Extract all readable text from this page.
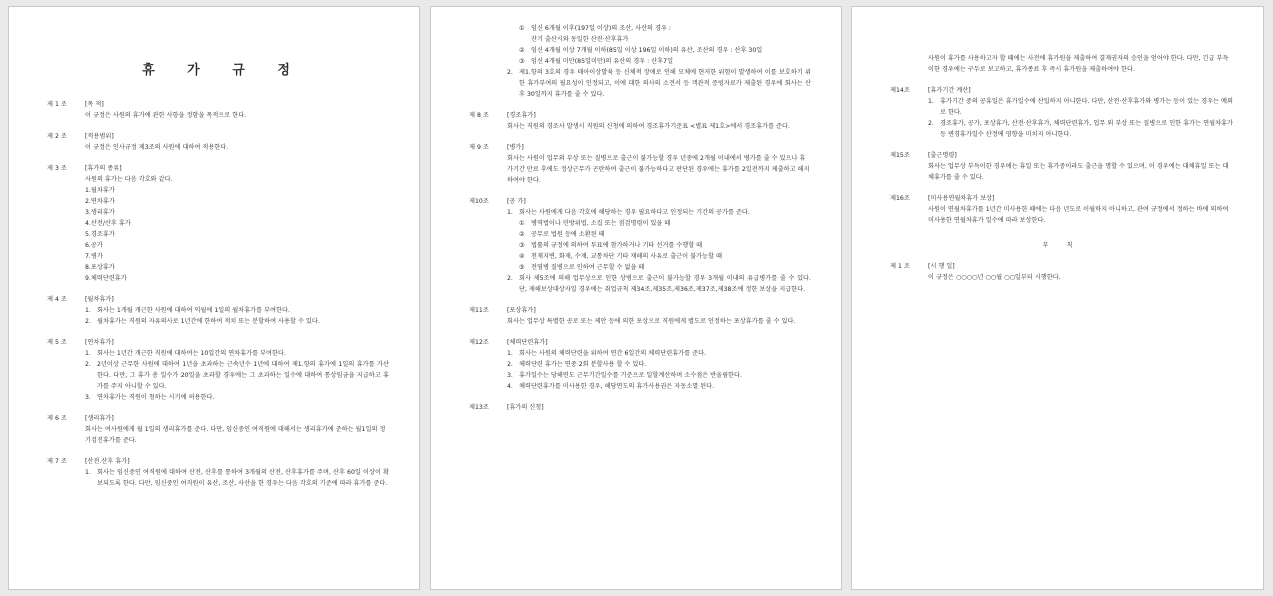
휴 가 규 정
제 1 조	[목 적]
이 규정은 사원의 휴가에 관한 사항을 정함을 목적으로 한다.
제 2 조	[적용범위]
이 규정은 인사규정 제3조의 사원에 대하여 적용한다.
제 3 조	[휴가의 종류]
사원의 휴가는 다음 각호와 같다.
1.월차휴가
2.연차휴가
3.생리휴가
4.산전/산후 휴가
5.경조휴가
6.공가
7.병가
8.포상휴가
9.체력단련휴가
제 4 조	[월차휴가]
1. 회사는 1개월 개근한 사원에 대하여 익월에 1일의 월차휴가를 부여한다.
2. 월차휴가는 직원의 자유의사로 1년간에 한하여 적치 또는 분할하여 사용할 수 있다.
제 5 조	[연차휴가]
1. 회사는 1년간 개근한 직원에 대하여는 10일간의 연차휴가를 부여한다.
2. 2년이상 근무한 사원에 대하여 1년을 초과하는 근속년수 1년에 대하여 제1.항의 휴가에 1일의 휴가를 가산한다. 다만, 그 휴가 총 일수가 20일을 초과할 경우에는 그 초과하는 일수에 대하여 통상임금을 지급하고 휴가를 주지 아니할 수 있다.
3. 연차휴가는 직원이 청하는 시기에 허용한다.
제 6 조	[생리휴가]
회사는 여사원에게 월 1일의 생리휴가를 준다. 다만, 임신중인 여직원에 대해서는 생리휴가에 준하는 월1일의 정기검진휴가를 준다.
제 7 조	[산전.산후 휴가]
1. 회사는 임신중인 여직원에 대하여 산전, 산후를 통하여 3개월의 산전, 산후휴가를 주며, 산후 60일 이상이 확보되도록 한다. 다만, 임신중인 여직원이 유산, 조산, 사산을 한 경우는 다음 각호의 기준에 따라 휴가를 준다.
①	임신 6개월 이후(197일 이상)의 조산, 사산의 경우 :
잔기 출산시와 동일한 산전·산후휴가
②	임신 4개월 이상 7개월 이하(85일 이상 196일 이하)의 유산, 조산의 경우 : 산후 30일
③	임신 4개월 미만(85일미만)의 유산의 경우 : 산후7일
2. 제1.항의 3호의 경우 태아이상발육 등 신체적 장애로 인해 모체에 현저한 위험이 발생하여 이를 보호하기 위한 휴가부여의 필요성이 인정되고, 이에 대한 의사의 소견서 등 객관적 증빙자료가 제출된 경우에 회사는 산후 30일까지 휴가를 줄 수 있다.
제 8 조	[경조휴가]
회사는 직원의 경조사 발생시 직원의 신청에 의하여 경조휴가기준표 <별표 제1호>에서 경조휴가를 준다.
제 9 조	[병가]
회사는 사원이 업무외 부상 또는 질병으로 출근이 불가능할 경우 년중에 2개월 이내에서 병가를 줄 수 있으나 휴가기간 만료 후에도 정상근무가 곤란하여 출근이 불가능하다고 판단된 경우에는 휴가를 2일전까지 제출하고 해지하여야 한다.
제10조	[공 가]
1. 회사는 사원에게 다음 각호에 해당하는 경우 필요하다고 인정되는 기간의 공가를 준다.
①	병역법이나 민방위법, 소집 또는 점검명령이 있을 때
②	공무로 법원 등에 소환된 때
③	법률의 규정에 의하여 투표에 참가하거나 기타 선거를 수행할 때
④	천재지변, 화재, 수재, 교통차단 기타 재해의 사유로 출근이 불가능할 때
⑤	전염병 질병으로 인하여 근무할 수 없을 때
2. 회사 제5조에 의해 업무상으로 인한 상병으로 출근이 불가능할 경우 3개월 이내의 유급병가를 줄 수 있다. 단, 재해보상대상자일 경우에는 취업규칙 제34조,제35조,제36조,제37조,제38조에 정한 보상을 지급한다.
제11조	[포상휴가]
회사는 업무상 특별한 공로 또는 제안 등에 의한 포상으로 직원에게 별도로 인정하는 포상휴가를 줄 수 있다.
제12조	[체력단련휴가]
1. 회사는 사원의 체력단련을 위하여 연간 6일간의 체력단련휴가를 준다.
2. 체력단련 휴가는 연중 2회 분할사용 할 수 있다.
3. 휴가일수는 당해연도 근무기간일수를 기준으로 일할계산하며 소수점은 반올림한다.
4. 체력단련휴가를 미사용한 경우, 해당연도의 휴가사용권은 자동소멸 된다.
제13조	[휴가의 신청]
사원이 휴가를 사용하고자 할 때에는 사전에 휴가원을 제출하여 결재권자의 승인을 얻어야 한다. 다만, 긴급 부득이한 경우에는 구두로 보고하고, 휴가종료 후 즉시 휴가원을 제출하여야 한다.
제14조	[휴가기간 계산]
1. 휴가기간 중의 공휴일은 휴가일수에 산입하지 아니한다. 다만, 산전·산후휴가와 병가는 등이 있는 경우는 예외로 한다.
2. 경조휴가, 공가, 포상휴가, 산전·산후휴가, 체력단련휴가, 업무 외 부상 또는 질병으로 인한 휴가는 연월차휴가 등 변경휴가일수 산정에 영향을 미치지 아니한다.
제15조	[출근명령]
회사는 업무상 부득이한 경우에는 휴일 또는 휴가중이라도 출근을 명할 수 있으며, 이 경우에는 대체휴일 또는 대체휴가를 줄 수 있다.
제16조	[미사용연월차휴가 보상]
사원이 연월차휴가를 1년간 미사용한 때에는 다음 년도로 이월하지 아니하고, 관여 규정에서 정하는 바에 의하여 미사용한 연월차휴가 일수에 따라 보상한다.
부 칙
제 1 조	[시 행 일]
이 규정은 ○○○○년 ○○월 ○○일부터 시행한다.
